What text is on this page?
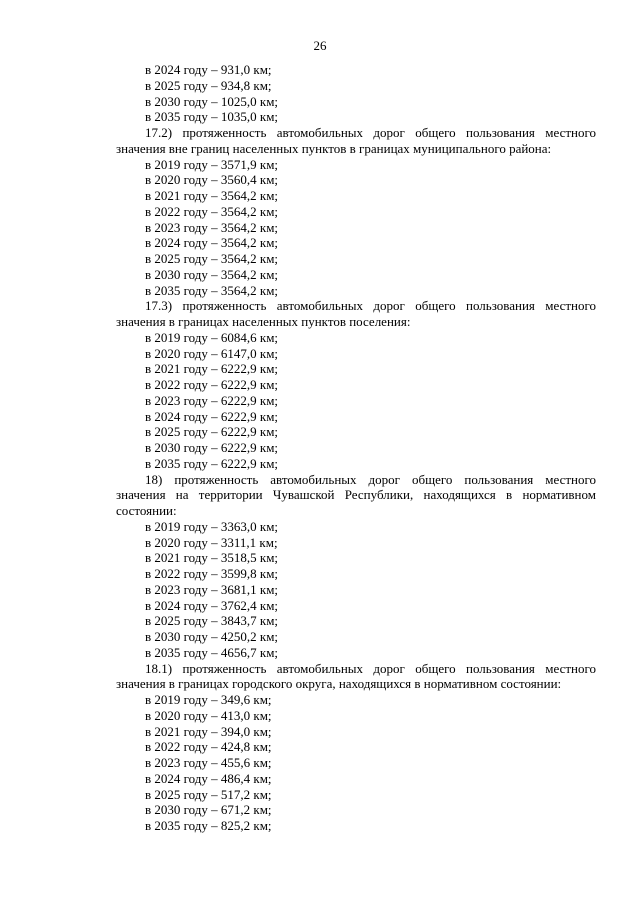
26
в 2024 году – 931,0 км;
в 2025 году – 934,8 км;
в 2030 году – 1025,0 км;
в 2035 году – 1035,0 км;
17.2) протяженность автомобильных дорог общего пользования местного значения вне границ населенных пунктов в границах муниципального района:
в 2019 году – 3571,9 км;
в 2020 году – 3560,4 км;
в 2021 году – 3564,2 км;
в 2022 году – 3564,2 км;
в 2023 году – 3564,2 км;
в 2024 году – 3564,2 км;
в 2025 году – 3564,2 км;
в 2030 году – 3564,2 км;
в 2035 году – 3564,2 км;
17.3) протяженность автомобильных дорог общего пользования местного значения в границах населенных пунктов поселения:
в 2019 году – 6084,6 км;
в 2020 году – 6147,0 км;
в 2021 году – 6222,9 км;
в 2022 году – 6222,9 км;
в 2023 году – 6222,9 км;
в 2024 году – 6222,9 км;
в 2025 году – 6222,9 км;
в 2030 году – 6222,9 км;
в 2035 году – 6222,9 км;
18) протяженность автомобильных дорог общего пользования местного значения на территории Чувашской Республики, находящихся в нормативном состоянии:
в 2019 году – 3363,0 км;
в 2020 году – 3311,1 км;
в 2021 году – 3518,5 км;
в 2022 году – 3599,8 км;
в 2023 году – 3681,1 км;
в 2024 году – 3762,4 км;
в 2025 году – 3843,7 км;
в 2030 году – 4250,2 км;
в 2035 году – 4656,7 км;
18.1) протяженность автомобильных дорог общего пользования местного значения в границах городского округа, находящихся в нормативном состоянии:
в 2019 году – 349,6 км;
в 2020 году – 413,0 км;
в 2021 году – 394,0 км;
в 2022 году – 424,8 км;
в 2023 году – 455,6 км;
в 2024 году – 486,4 км;
в 2025 году – 517,2 км;
в 2030 году – 671,2 км;
в 2035 году – 825,2 км;
